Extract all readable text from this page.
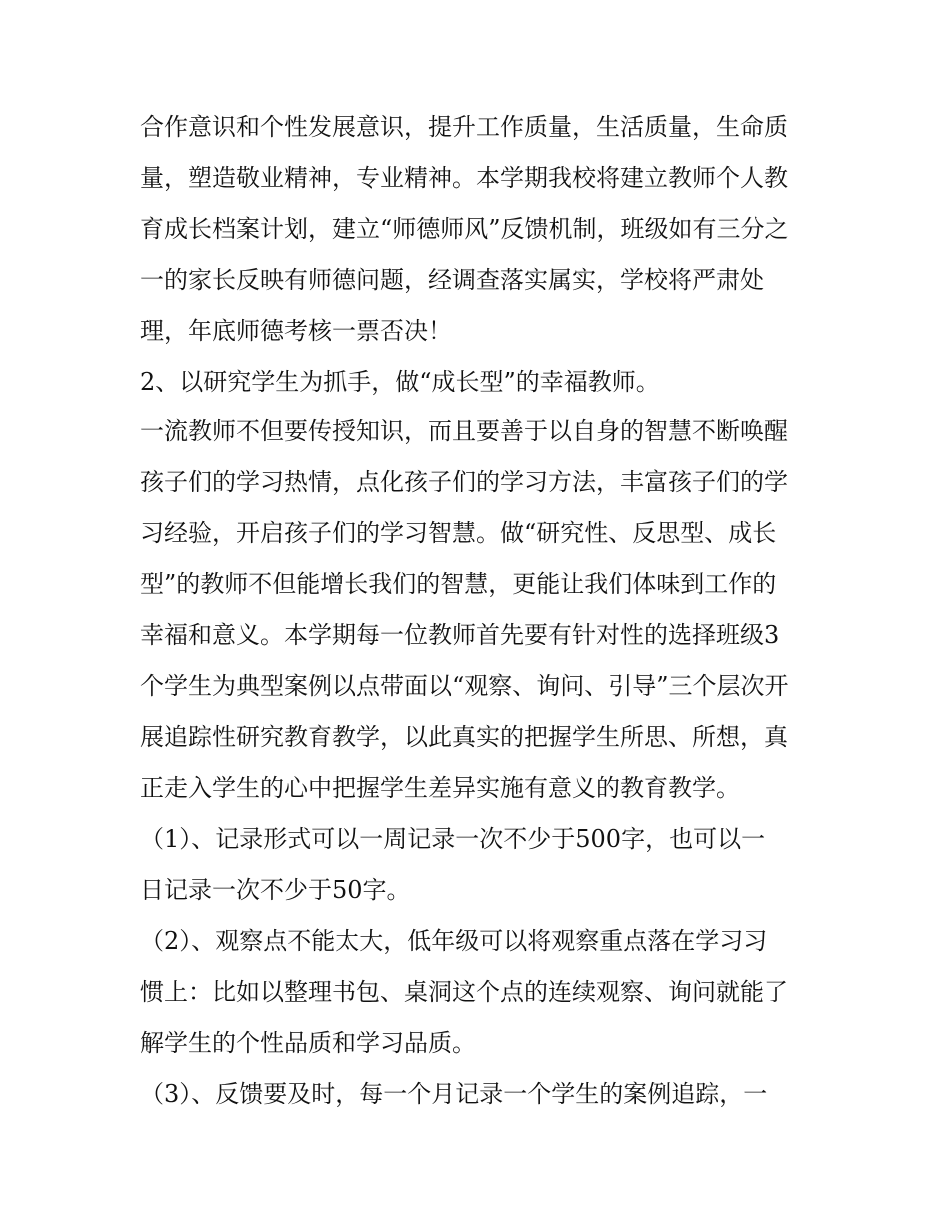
合作意识和个性发展意识，提升工作质量，生活质量，生命质
量，塑造敬业精神，专业精神。本学期我校将建立教师个人教
育成长档案计划，建立“师德师风”反馈机制，班级如有三分之
一的家长反映有师德问题，经调查落实属实，学校将严肃处
理，年底师德考核一票否决！
2、以研究学生为抓手，做“成长型”的幸福教师。
一流教师不但要传授知识，而且要善于以自身的智慧不断唤醒
孩子们的学习热情，点化孩子们的学习方法，丰富孩子们的学
习经验，开启孩子们的学习智慧。做“研究性、反思型、成长
型”的教师不但能增长我们的智慧，更能让我们体味到工作的
幸福和意义。本学期每一位教师首先要有针对性的选择班级3
个学生为典型案例以点带面以“观察、询问、引导”三个层次开
展追踪性研究教育教学，以此真实的把握学生所思、所想，真
正走入学生的心中把握学生差异实施有意义的教育教学。
（1）、记录形式可以一周记录一次不少于500字，也可以一
日记录一次不少于50字。
（2）、观察点不能太大，低年级可以将观察重点落在学习习
惯上：比如以整理书包、桌洞这个点的连续观察、询问就能了
解学生的个性品质和学习品质。
（3）、反馈要及时，每一个月记录一个学生的案例追踪，一
